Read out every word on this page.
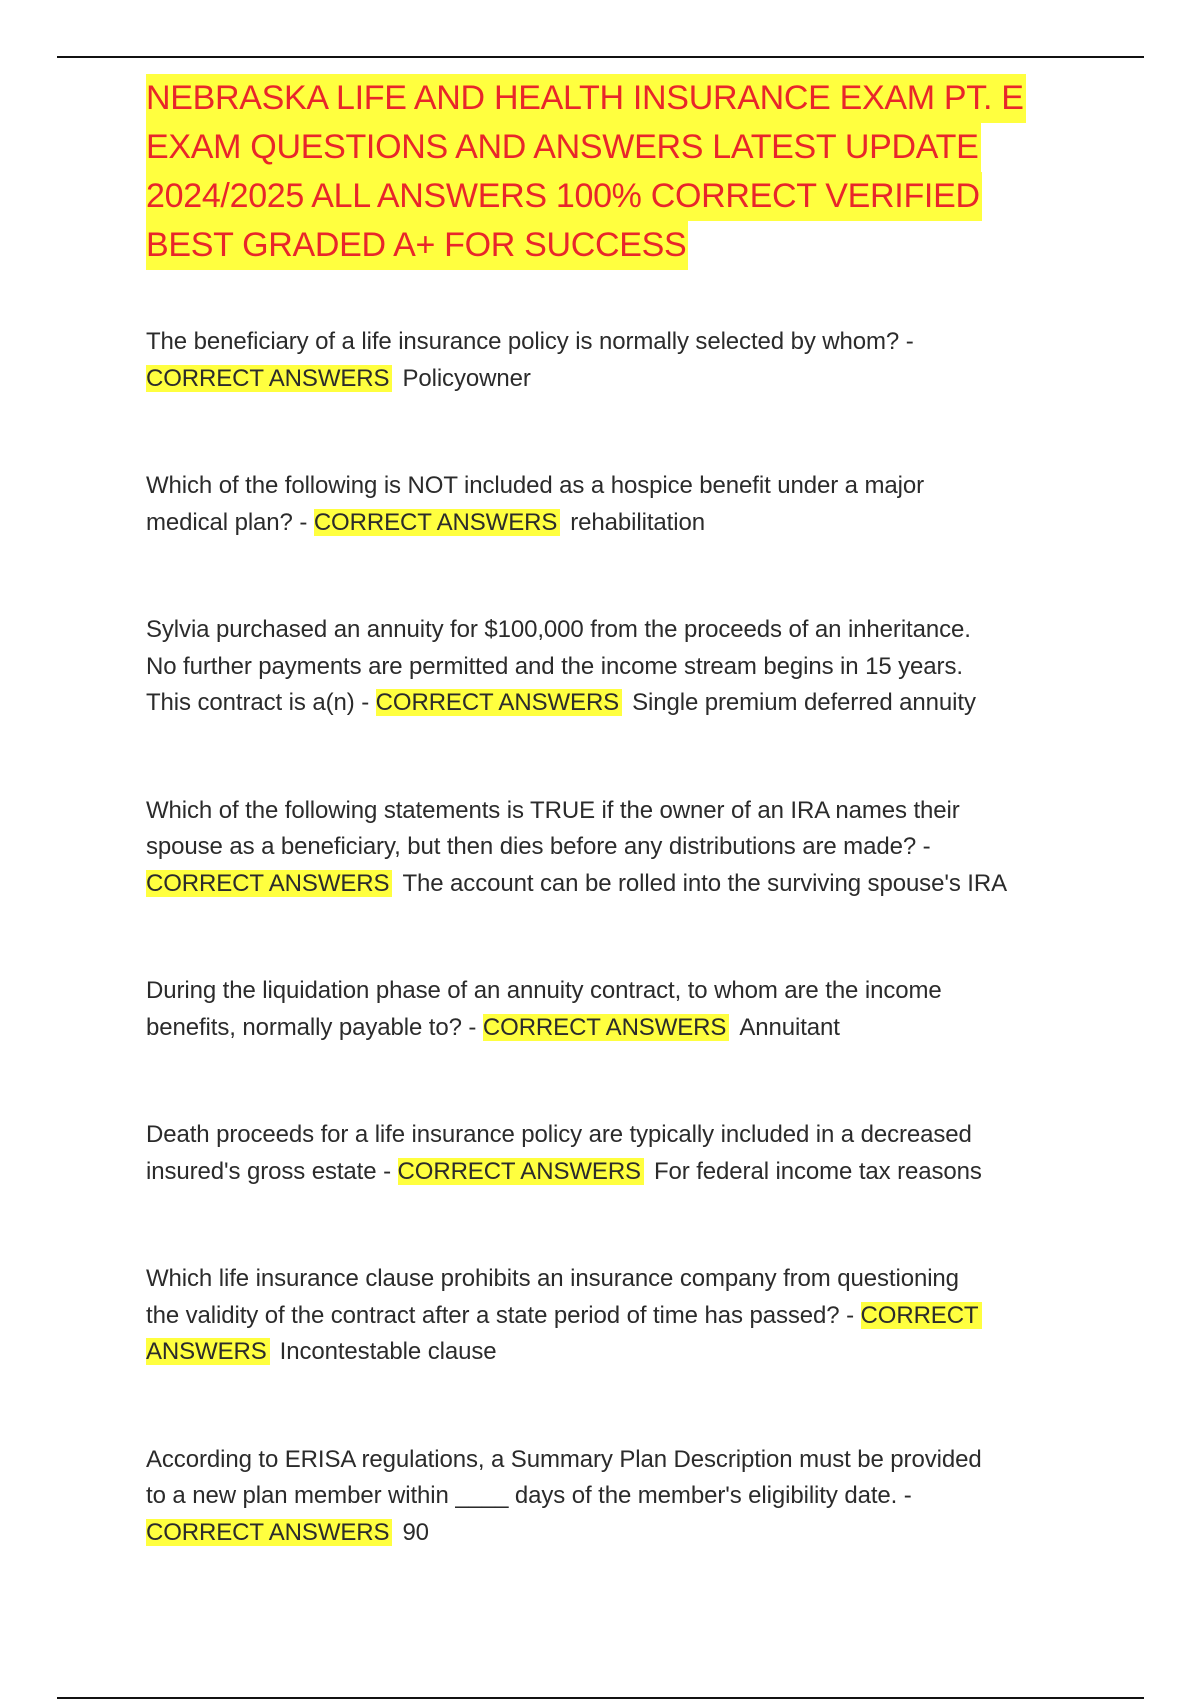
NEBRASKA LIFE AND HEALTH INSURANCE EXAM PT. E
EXAM QUESTIONS AND ANSWERS LATEST UPDATE
2024/2025 ALL ANSWERS 100% CORRECT VERIFIED
BEST GRADED A+ FOR SUCCESS
The beneficiary of a life insurance policy is normally selected by whom? -
CORRECT ANSWERS Policyowner
Which of the following is NOT included as a hospice benefit under a major
medical plan? - CORRECT ANSWERS rehabilitation
Sylvia purchased an annuity for $100,000 from the proceeds of an inheritance.
No further payments are permitted and the income stream begins in 15 years.
This contract is a(n) - CORRECT ANSWERS Single premium deferred annuity
Which of the following statements is TRUE if the owner of an IRA names their
spouse as a beneficiary, but then dies before any distributions are made? -
CORRECT ANSWERS The account can be rolled into the surviving spouse's IRA
During the liquidation phase of an annuity contract, to whom are the income
benefits, normally payable to? - CORRECT ANSWERS Annuitant
Death proceeds for a life insurance policy are typically included in a decreased
insured's gross estate - CORRECT ANSWERS For federal income tax reasons
Which life insurance clause prohibits an insurance company from questioning
the validity of the contract after a state period of time has passed? - CORRECT
ANSWERS Incontestable clause
According to ERISA regulations, a Summary Plan Description must be provided
to a new plan member within ____ days of the member's eligibility date. -
CORRECT ANSWERS 90
